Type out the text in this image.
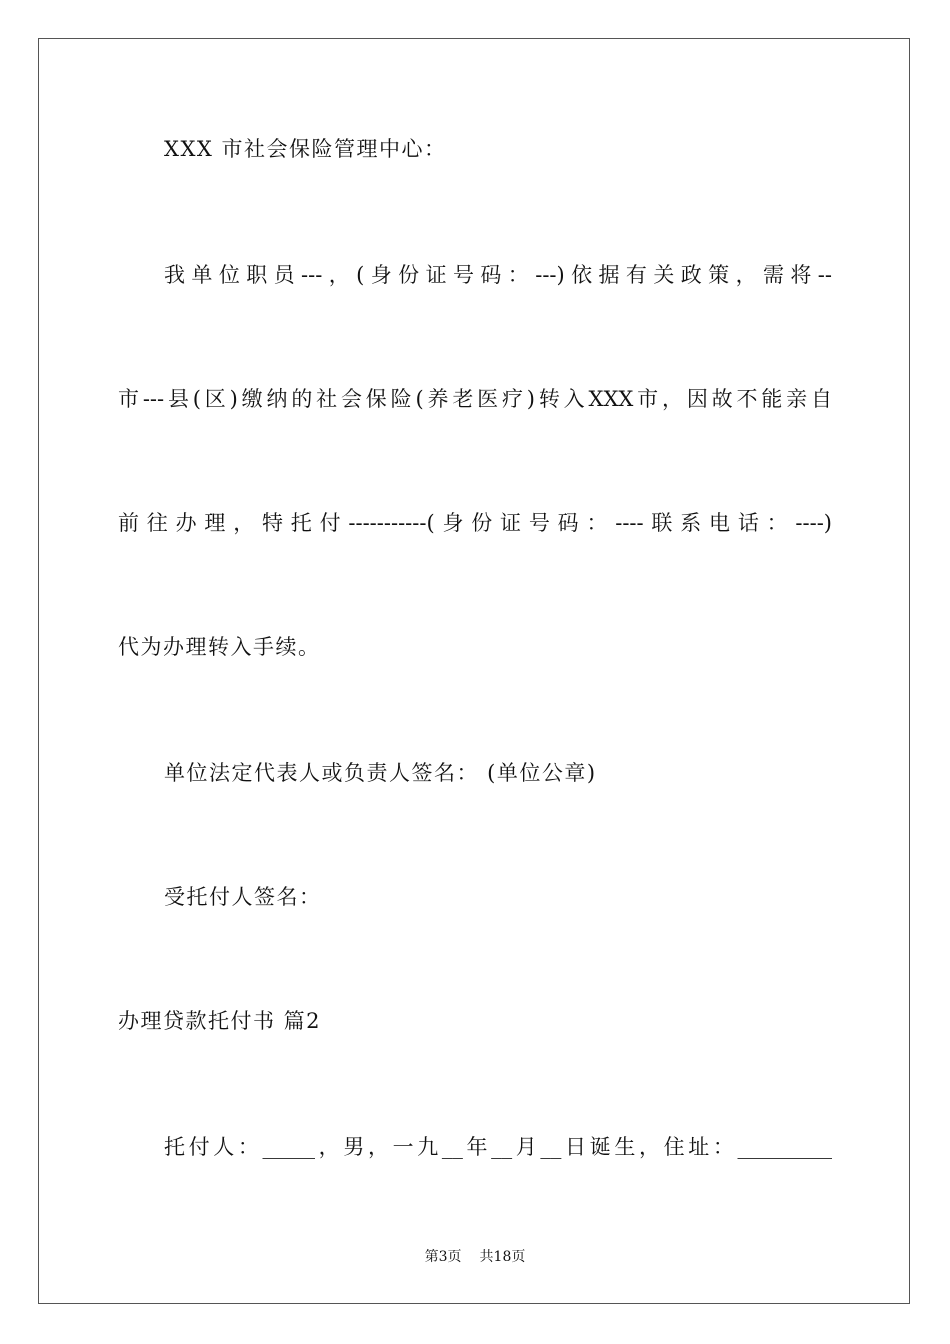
XXX 市社会保险管理中心：
我单位职员---，(身份证号码：---)依据有关政策，需将--
市---县(区)缴纳的社会保险(养老医疗)转入XXX市，因故不能亲自
前往办理，特托付-----------(身份证号码：----联系电话：----)
代为办理转入手续。
单位法定代表人或负责人签名： (单位公章)
受托付人签名：
办理贷款托付书 篇2
托付人：_____，男，一九__年__月__日诞生，住址：_________
第3页 共18页
